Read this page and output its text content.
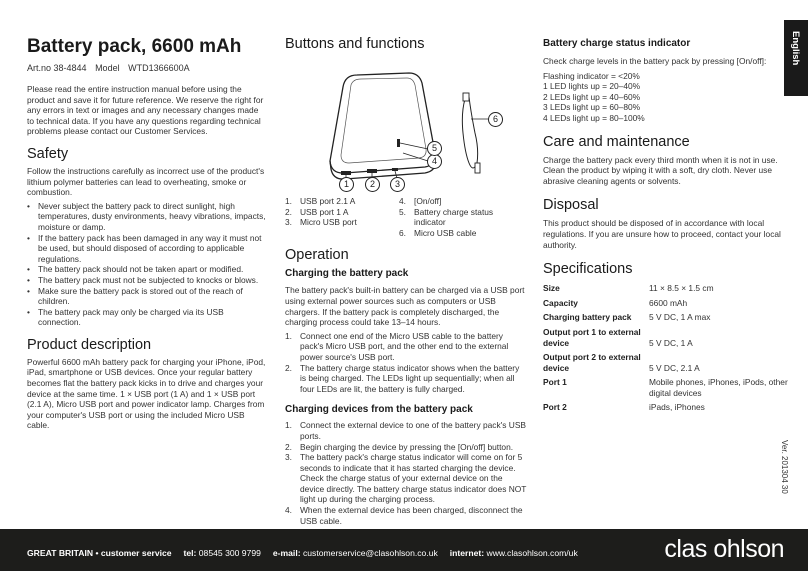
Battery pack, 6600 mAh
Art.no 38-4844 Model WTD1366600A

Please read the entire instruction manual before using the product and save it for future reference. We reserve the right for any errors in text or images and any necessary changes made to technical data. If you have any questions regarding technical problems please contact our Customer Services.

Safety

Follow the instructions carefully as incorrect use of the product's lithium polymer batteries can lead to overheating, smoke or combustion.

• Never subject the battery pack to direct sunlight, high temperatures, dusty environments, heavy vibrations, impacts, moisture or damp.
• If the battery pack has been damaged in any way it must not be used, but should disposed of according to applicable regulations.
• The battery pack should not be taken apart or modified.
• The battery pack must not be subjected to knocks or blows.
• Make sure the battery pack is stored out of the reach of children.
• The battery pack may only be charged via its USB connection.
Product description

Powerful 6600 mAh battery pack for charging your iPhone, iPod, iPad, smartphone or USB devices. Once your regular battery becomes flat the battery pack kicks in to drive and charges your device at the same time. 1 × USB port (1 A) and 1 × USB port (2.1 A), Micro USB port and power indicator lamp. Charges from your computer's USB port or using the included Micro USB cable.

Buttons and functions
1	2	3
4
5
6
1. USB port 2.1 A
2. USB port 1 A
3. Micro USB port
4. [On/off]
5. Battery charge status indicator
6. Micro USB cable
Operation
Charging the battery pack

The battery pack's built-in battery can be charged via a USB port using external power sources such as computers or USB chargers. If the battery pack is completely discharged, the charging process could take 13–14 hours.

1. Connect one end of the Micro USB cable to the battery pack's Micro USB port, and the other end to the external power source's USB port.
2. The battery charge status indicator shows when the battery is being charged. The LEDs light up sequentially; when all four LEDs are lit, the battery is fully charged.
Charging devices from the battery pack
1. Connect the external device to one of the battery pack's USB ports.
2. Begin charging the device by pressing the [On/off] button.
3. The battery pack's charge status indicator will come on for 5 seconds to indicate that it has started charging the device. Check the charge status of your external device on the device directly. The battery charge status indicator does NOT light up during the charging process.
4. When the external device has been charged, disconnect the USB cable.
Battery charge status indicator

Check charge levels in the battery pack by pressing [On/off]:

Flashing indicator = <20%

1 LED lights up = 20–40%

2 LEDs light up = 40–60%

3 LEDs light up = 60–80%

4 LEDs light up = 80–100%

Care and maintenance

Charge the battery pack every third month when it is not in use. Clean the product by wiping it with a soft, dry cloth. Never use abrasive cleaning agents or solvents.

Disposal

This product should be disposed of in accordance with local regulations. If you are unsure how to proceed, contact your local authority.

Specifications
Size	11 × 8.5 × 1.5 cm
Capacity	6600 mAh
Charging battery pack	5 V DC, 1 A max
Output port 1 to external device	5 V DC, 1 A
Output port 2 to external device	5 V DC, 2.1 A
Port 1	Mobile phones, iPhones, iPods, other digital devices
Port 2	iPads, iPhones
English
Ver. 201304 30
GREAT BRITAIN • customer service tel: 08545 300 9799 e-mail: customerservice@clasohlson.co.uk internet: www.clasohlson.com/uk	clas ohlson
